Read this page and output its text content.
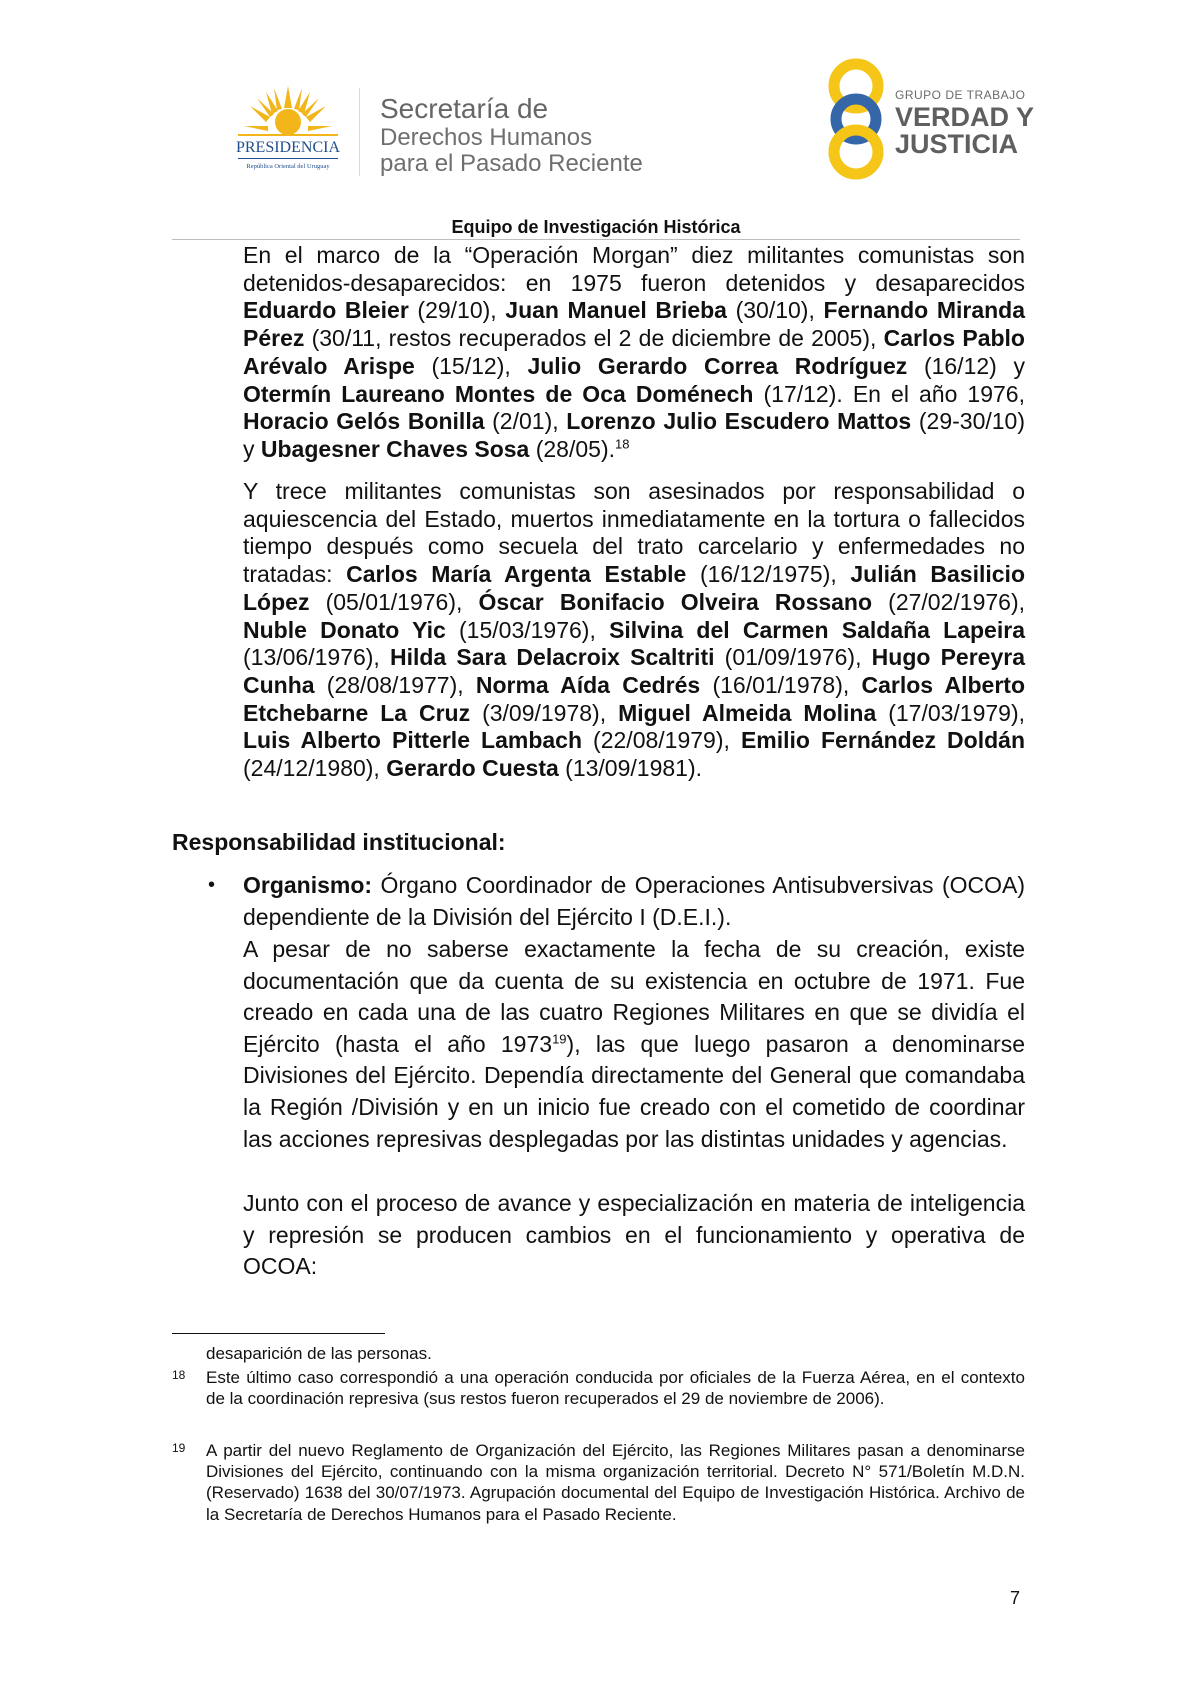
PRESIDENCIA
República Oriental del Uruguay
Secretaría de
Derechos Humanos
para el Pasado Reciente
GRUPO DE TRABAJO
VERDAD Y
JUSTICIA
Equipo de Investigación Histórica

En el marco de la “Operación Morgan” diez militantes comunistas son detenidos-desaparecidos: en 1975 fueron detenidos y desaparecidos Eduardo Bleier (29/10), Juan Manuel Brieba (30/10), Fernando Miranda Pérez (30/11, restos recuperados el 2 de diciembre de 2005), Carlos Pablo Arévalo Arispe (15/12), Julio Gerardo Correa Rodríguez (16/12) y Otermín Laureano Montes de Oca Doménech (17/12). En el año 1976, Horacio Gelós Bonilla (2/01), Lorenzo Julio Escudero Mattos (29-30/10) y Ubagesner Chaves Sosa (28/05).$^{18}$

Y trece militantes comunistas son asesinados por responsabilidad o aquiescencia del Estado, muertos inmediatamente en la tortura o fallecidos tiempo después como secuela del trato carcelario y enfermedades no tratadas: Carlos María Argenta Estable (16/12/1975), Julián Basilicio López (05/01/1976), Óscar Bonifacio Olveira Rossano (27/02/1976), Nuble Donato Yic (15/03/1976), Silvina del Carmen Saldaña Lapeira (13/06/1976), Hilda Sara Delacroix Scaltriti (01/09/1976), Hugo Pereyra Cunha (28/08/1977), Norma Aída Cedrés (16/01/1978), Carlos Alberto Etchebarne La Cruz (3/09/1978), Miguel Almeida Molina (17/03/1979), Luis Alberto Pitterle Lambach (22/08/1979), Emilio Fernández Doldán (24/12/1980), Gerardo Cuesta (13/09/1981).

Responsabilidad institucional:
• Organismo: Órgano Coordinador de Operaciones Antisubversivas (OCOA) dependiente de la División del Ejército I (D.E.I.).

A pesar de no saberse exactamente la fecha de su creación, existe documentación que da cuenta de su existencia en octubre de 1971. Fue creado en cada una de las cuatro Regiones Militares en que se dividía el Ejército (hasta el año 1973$^{19}$), las que luego pasaron a denominarse Divisiones del Ejército. Dependía directamente del General que comandaba la Región /División y en un inicio fue creado con el cometido de coordinar las acciones represivas desplegadas por las distintas unidades y agencias.

Junto con el proceso de avance y especialización en materia de inteligencia y represión se producen cambios en el funcionamiento y operativa de OCOA:

desaparición de las personas.
18 Este último caso correspondió a una operación conducida por oficiales de la Fuerza Aérea, en el contexto de la coordinación represiva (sus restos fueron recuperados el 29 de noviembre de 2006).
19 A partir del nuevo Reglamento de Organización del Ejército, las Regiones Militares pasan a denominarse Divisiones del Ejército, continuando con la misma organización territorial. Decreto N° 571/Boletín M.D.N. (Reservado) 1638 del 30/07/1973. Agrupación documental del Equipo de Investigación Histórica. Archivo de la Secretaría de Derechos Humanos para el Pasado Reciente.
7
